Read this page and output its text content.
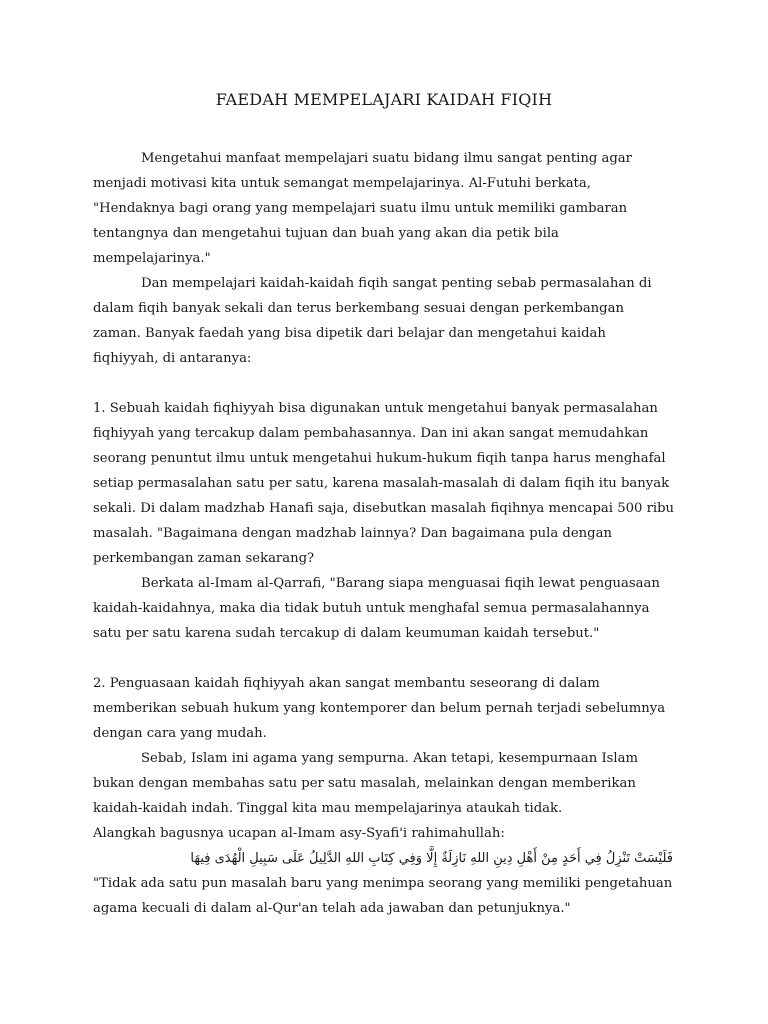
FAEDAH MEMPELAJARI KAIDAH FIQIH

Mengetahui manfaat mempelajari suatu bidang ilmu sangat penting agar menjadi motivasi kita untuk semangat mempelajarinya. Al-Futuhi berkata, "Hendaknya bagi orang yang mempelajari suatu ilmu untuk memiliki gambaran tentangnya dan mengetahui tujuan dan buah yang akan dia petik bila mempelajarinya."

Dan mempelajari kaidah-kaidah fiqih sangat penting sebab permasalahan di dalam fiqih banyak sekali dan terus berkembang sesuai dengan perkembangan zaman. Banyak faedah yang bisa dipetik dari belajar dan mengetahui kaidah fiqhiyyah, di antaranya:

1. Sebuah kaidah fiqhiyyah bisa digunakan untuk mengetahui banyak permasalahan fiqhiyyah yang tercakup dalam pembahasannya. Dan ini akan sangat memudahkan seorang penuntut ilmu untuk mengetahui hukum-hukum fiqih tanpa harus menghafal setiap permasalahan satu per satu, karena masalah-masalah di dalam fiqih itu banyak sekali. Di dalam madzhab Hanafi saja, disebutkan masalah fiqihnya mencapai 500 ribu masalah. "Bagaimana dengan madzhab lainnya? Dan bagaimana pula dengan perkembangan zaman sekarang?

Berkata al-Imam al-Qarrafi, "Barang siapa menguasai fiqih lewat penguasaan kaidah-kaidahnya, maka dia tidak butuh untuk menghafal semua permasalahannya satu per satu karena sudah tercakup di dalam keumuman kaidah tersebut."

2. Penguasaan kaidah fiqhiyyah akan sangat membantu seseorang di dalam memberikan sebuah hukum yang kontemporer dan belum pernah terjadi sebelumnya dengan cara yang mudah.

Sebab, Islam ini agama yang sempurna. Akan tetapi, kesempurnaan Islam bukan dengan membahas satu per satu masalah, melainkan dengan memberikan kaidah-kaidah indah. Tinggal kita mau mempelajarinya ataukah tidak.

Alangkah bagusnya ucapan al-Imam asy-Syafi'i rahimahullah:

فَلَيْسَتْ تَنْزِلُ فِي أَحَدٍ مِنْ أَهْلِ دِينِ اللهِ نَازِلَةٌ إِلَّا وَفِي كِتَابِ اللهِ الدَّلِيلُ عَلَى سَبِيلِ الْهُدَى فِيهَا

"Tidak ada satu pun masalah baru yang menimpa seorang yang memiliki pengetahuan agama kecuali di dalam al-Qur'an telah ada jawaban dan petunjuknya."
